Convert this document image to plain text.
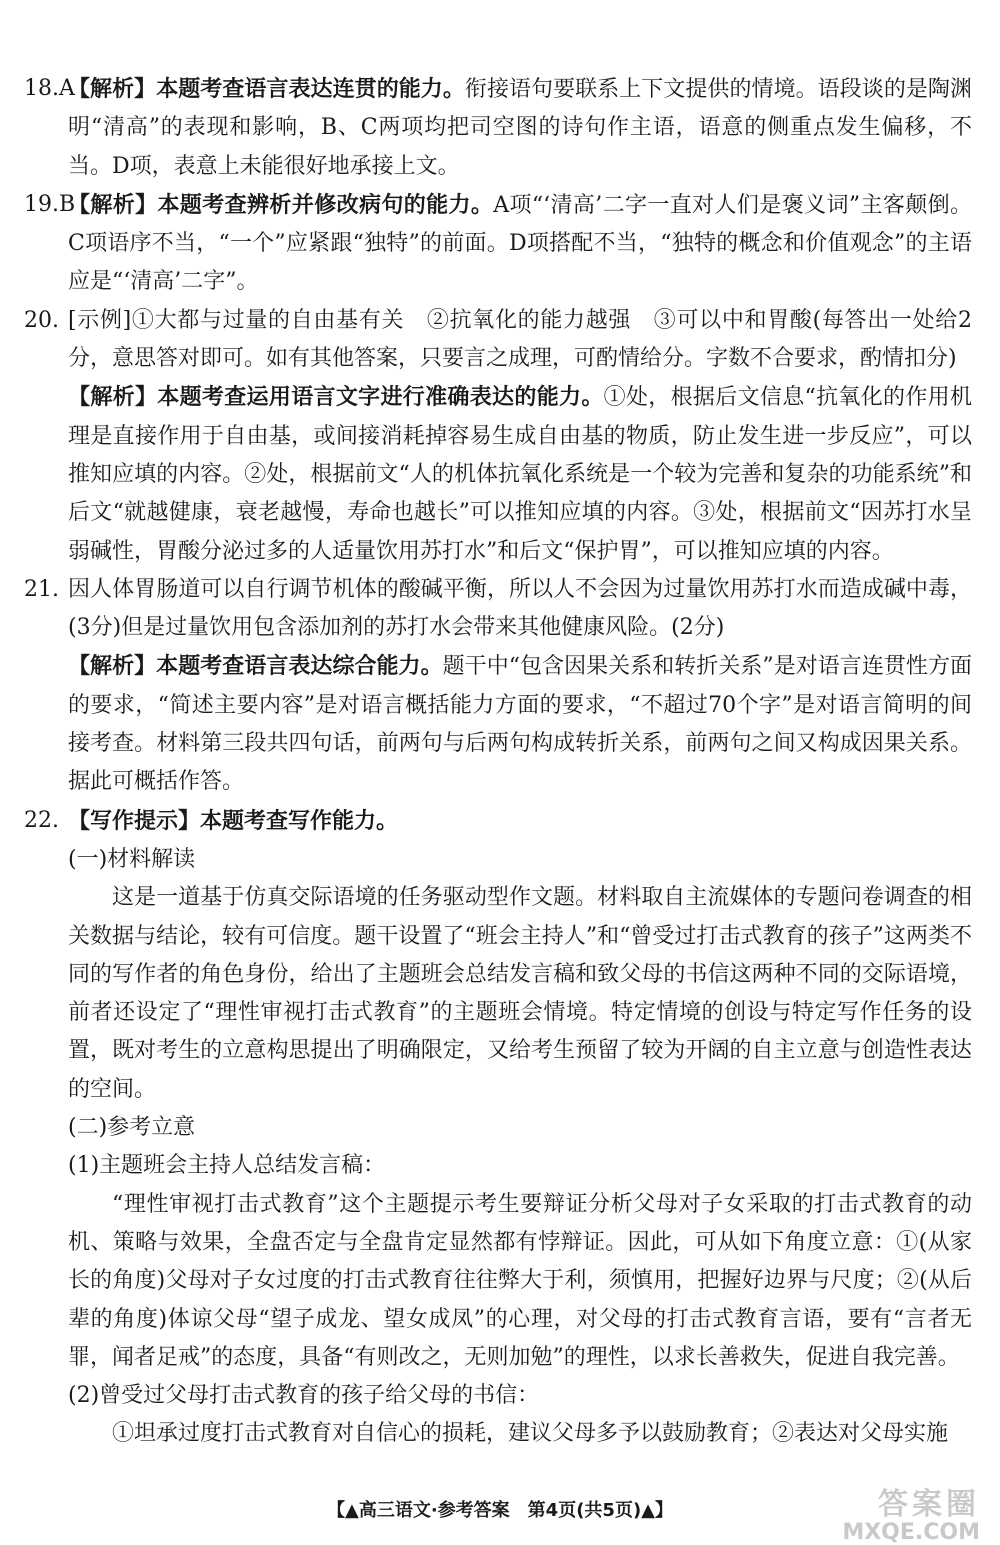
18.A
【解析】本题考查语言表达连贯的能力。衔接语句要联系上下文提供的情境。语段谈的是陶渊明“清高”的表现和影响，B、C两项均把司空图的诗句作主语，语意的侧重点发生偏移，不当。D项，表意上未能很好地承接上文。
19.B
【解析】本题考查辨析并修改病句的能力。A项“‘清高’二字一直对人们是褒义词”主客颠倒。C项语序不当，“一个”应紧跟“独特”的前面。D项搭配不当，“独特的概念和价值观念”的主语应是“‘清高’二字”。
20. [示例]①大都与过量的自由基有关　②抗氧化的能力越强　③可以中和胃酸(每答出一处给2分，意思答对即可。如有其他答案，只要言之成理，可酌情给分。字数不合要求，酌情扣分)
【解析】本题考查运用语言文字进行准确表达的能力。①处，根据后文信息“抗氧化的作用机理是直接作用于自由基，或间接消耗掉容易生成自由基的物质，防止发生进一步反应”，可以推知应填的内容。②处，根据前文“人的机体抗氧化系统是一个较为完善和复杂的功能系统”和后文“就越健康，衰老越慢，寿命也越长”可以推知应填的内容。③处，根据前文“因苏打水呈弱碱性，胃酸分泌过多的人适量饮用苏打水”和后文“保护胃”，可以推知应填的内容。
21. 因人体胃肠道可以自行调节机体的酸碱平衡，所以人不会因为过量饮用苏打水而造成碱中毒，(3分)但是过量饮用包含添加剂的苏打水会带来其他健康风险。(2分)
【解析】本题考查语言表达综合能力。题干中“包含因果关系和转折关系”是对语言连贯性方面的要求，“简述主要内容”是对语言概括能力方面的要求，“不超过70个字”是对语言简明的间接考查。材料第三段共四句话，前两句与后两句构成转折关系，前两句之间又构成因果关系。据此可概括作答。
22. 【写作提示】本题考查写作能力。
(一)材料解读
这是一道基于仿真交际语境的任务驱动型作文题。材料取自主流媒体的专题问卷调查的相关数据与结论，较有可信度。题干设置了“班会主持人”和“曾受过打击式教育的孩子”这两类不同的写作者的角色身份，给出了主题班会总结发言稿和致父母的书信这两种不同的交际语境，前者还设定了“理性审视打击式教育”的主题班会情境。特定情境的创设与特定写作任务的设置，既对考生的立意构思提出了明确限定，又给考生预留了较为开阔的自主立意与创造性表达的空间。
(二)参考立意
(1)主题班会主持人总结发言稿：
“理性审视打击式教育”这个主题提示考生要辩证分析父母对子女采取的打击式教育的动机、策略与效果，全盘否定与全盘肯定显然都有悖辩证。因此，可从如下角度立意：①(从家长的角度)父母对子女过度的打击式教育往往弊大于利，须慎用，把握好边界与尺度；②(从后辈的角度)体谅父母“望子成龙、望女成凤”的心理，对父母的打击式教育言语，要有“言者无罪，闻者足戒”的态度，具备“有则改之，无则加勉”的理性，以求长善救失，促进自我完善。
(2)曾受过父母打击式教育的孩子给父母的书信：
①坦承过度打击式教育对自信心的损耗，建议父母多予以鼓励教育；②表达对父母实施
【▲高三语文·参考答案　第4页(共5页)▲】	答案圈
MXQE.COM
